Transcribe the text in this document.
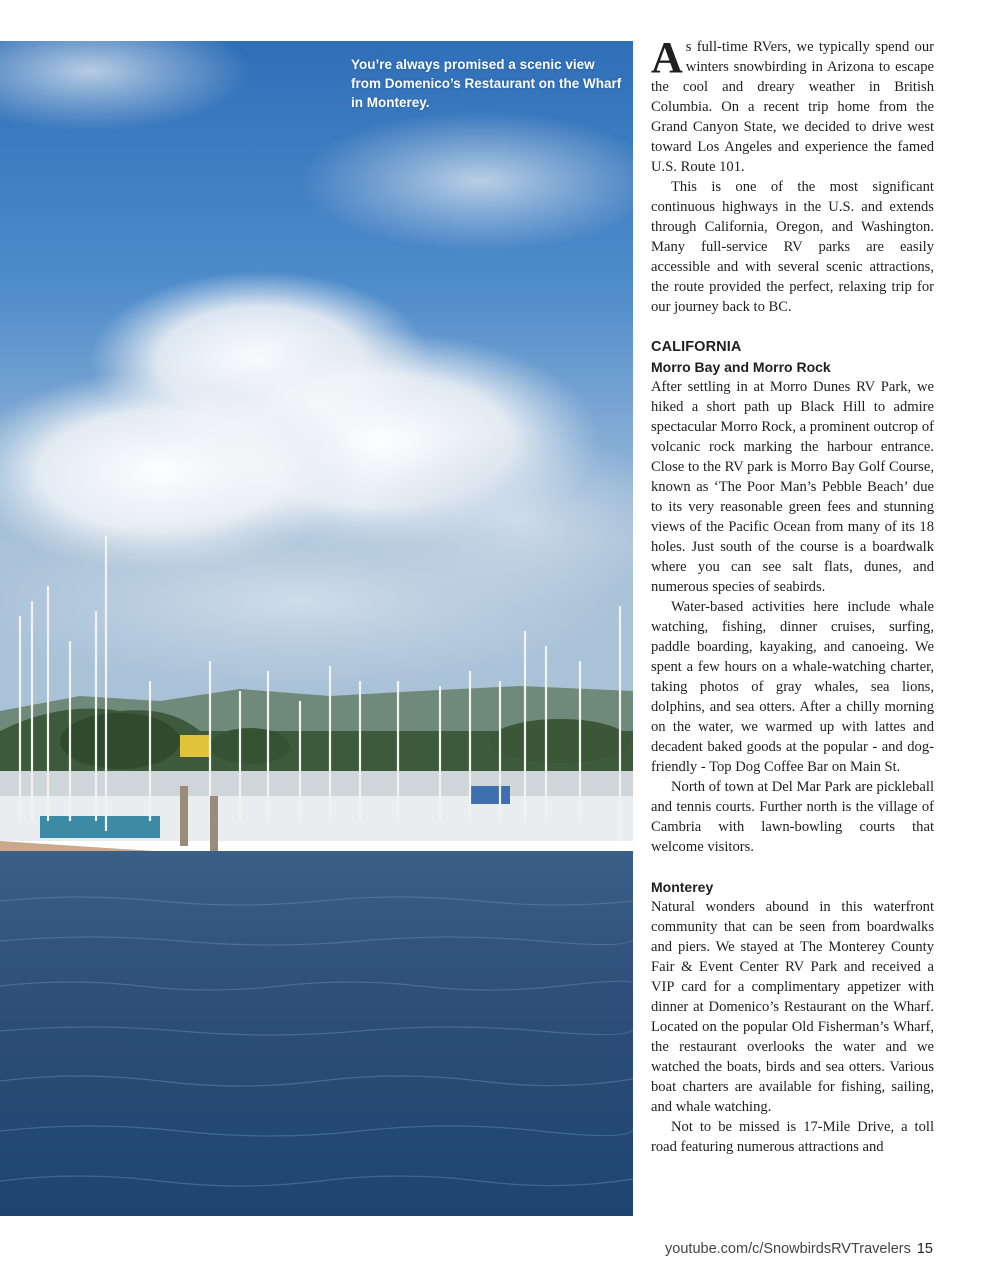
You’re always promised a scenic view from Domenico’s Restaurant on the Wharf in Monterey.

As full-time RVers, we typically spend our winters snowbirding in Arizona to escape the cool and dreary weather in British Columbia. On a recent trip home from the Grand Canyon State, we decided to drive west toward Los Angeles and experience the famed U.S. Route 101.

This is one of the most significant continuous highways in the U.S. and extends through California, Oregon, and Washington. Many full-service RV parks are easily accessible and with several scenic attractions, the route provided the perfect, relaxing trip for our journey back to BC.

CALIFORNIA
Morro Bay and Morro Rock

After settling in at Morro Dunes RV Park, we hiked a short path up Black Hill to admire spectacular Morro Rock, a prominent outcrop of volcanic rock marking the harbour entrance. Close to the RV park is Morro Bay Golf Course, known as ‘The Poor Man’s Pebble Beach’ due to its very reasonable green fees and stunning views of the Pacific Ocean from many of its 18 holes. Just south of the course is a boardwalk where you can see salt flats, dunes, and numerous species of seabirds.

Water-based activities here include whale watching, fishing, dinner cruises, surfing, paddle boarding, kayaking, and canoeing. We spent a few hours on a whale-watching charter, taking photos of gray whales, sea lions, dolphins, and sea otters. After a chilly morning on the water, we warmed up with lattes and decadent baked goods at the popular - and dog-friendly - Top Dog Coffee Bar on Main St.

North of town at Del Mar Park are pickleball and tennis courts. Further north is the village of Cambria with lawn-bowling courts that welcome visitors.

Monterey

Natural wonders abound in this waterfront community that can be seen from boardwalks and piers. We stayed at The Monterey County Fair & Event Center RV Park and received a VIP card for a complimentary appetizer with dinner at Domenico’s Restaurant on the Wharf. Located on the popular Old Fisherman’s Wharf, the restaurant overlooks the water and we watched the boats, birds and sea otters. Various boat charters are available for fishing, sailing, and whale watching.

Not to be missed is 17-Mile Drive, a toll road featuring numerous attractions and

youtube.com/c/SnowbirdsRVTravelers 15
